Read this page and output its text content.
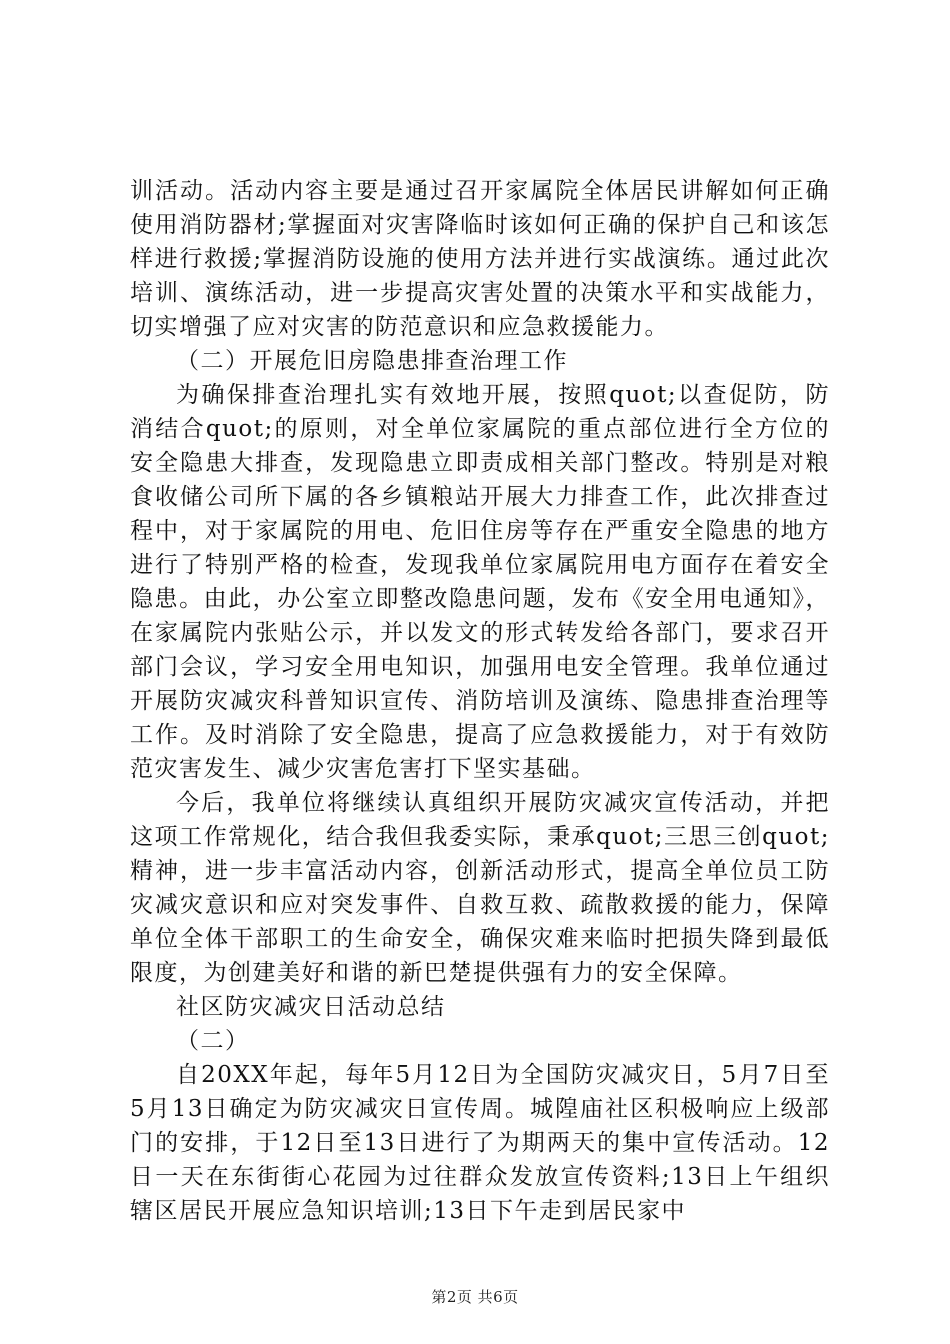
训活动。活动内容主要是通过召开家属院全体居民讲解如何正确使用消防器材;掌握面对灾害降临时该如何正确的保护自己和该怎样进行救援;掌握消防设施的使用方法并进行实战演练。通过此次培训、演练活动，进一步提高灾害处置的决策水平和实战能力，切实增强了应对灾害的防范意识和应急救援能力。

（二）开展危旧房隐患排查治理工作

为确保排查治理扎实有效地开展，按照quot;以查促防，防消结合quot;的原则，对全单位家属院的重点部位进行全方位的安全隐患大排查，发现隐患立即责成相关部门整改。特别是对粮食收储公司所下属的各乡镇粮站开展大力排查工作，此次排查过程中，对于家属院的用电、危旧住房等存在严重安全隐患的地方进行了特别严格的检查，发现我单位家属院用电方面存在着安全隐患。由此，办公室立即整改隐患问题，发布《安全用电通知》，在家属院内张贴公示，并以发文的形式转发给各部门，要求召开部门会议，学习安全用电知识，加强用电安全管理。我单位通过开展防灾减灾科普知识宣传、消防培训及演练、隐患排查治理等工作。及时消除了安全隐患，提高了应急救援能力，对于有效防范灾害发生、减少灾害危害打下坚实基础。

今后，我单位将继续认真组织开展防灾减灾宣传活动，并把这项工作常规化，结合我但我委实际，秉承quot;三思三创quot;精神，进一步丰富活动内容，创新活动形式，提高全单位员工防灾减灾意识和应对突发事件、自救互救、疏散救援的能力，保障单位全体干部职工的生命安全，确保灾难来临时把损失降到最低限度，为创建美好和谐的新巴楚提供强有力的安全保障。

社区防灾减灾日活动总结

（二）

自20XX年起，每年5月12日为全国防灾减灾日，5月7日至5月13日确定为防灾减灾日宣传周。城隍庙社区积极响应上级部门的安排，于12日至13日进行了为期两天的集中宣传活动。12日一天在东街街心花园为过往群众发放宣传资料;13日上午组织辖区居民开展应急知识培训;13日下午走到居民家中

第2页 共6页
